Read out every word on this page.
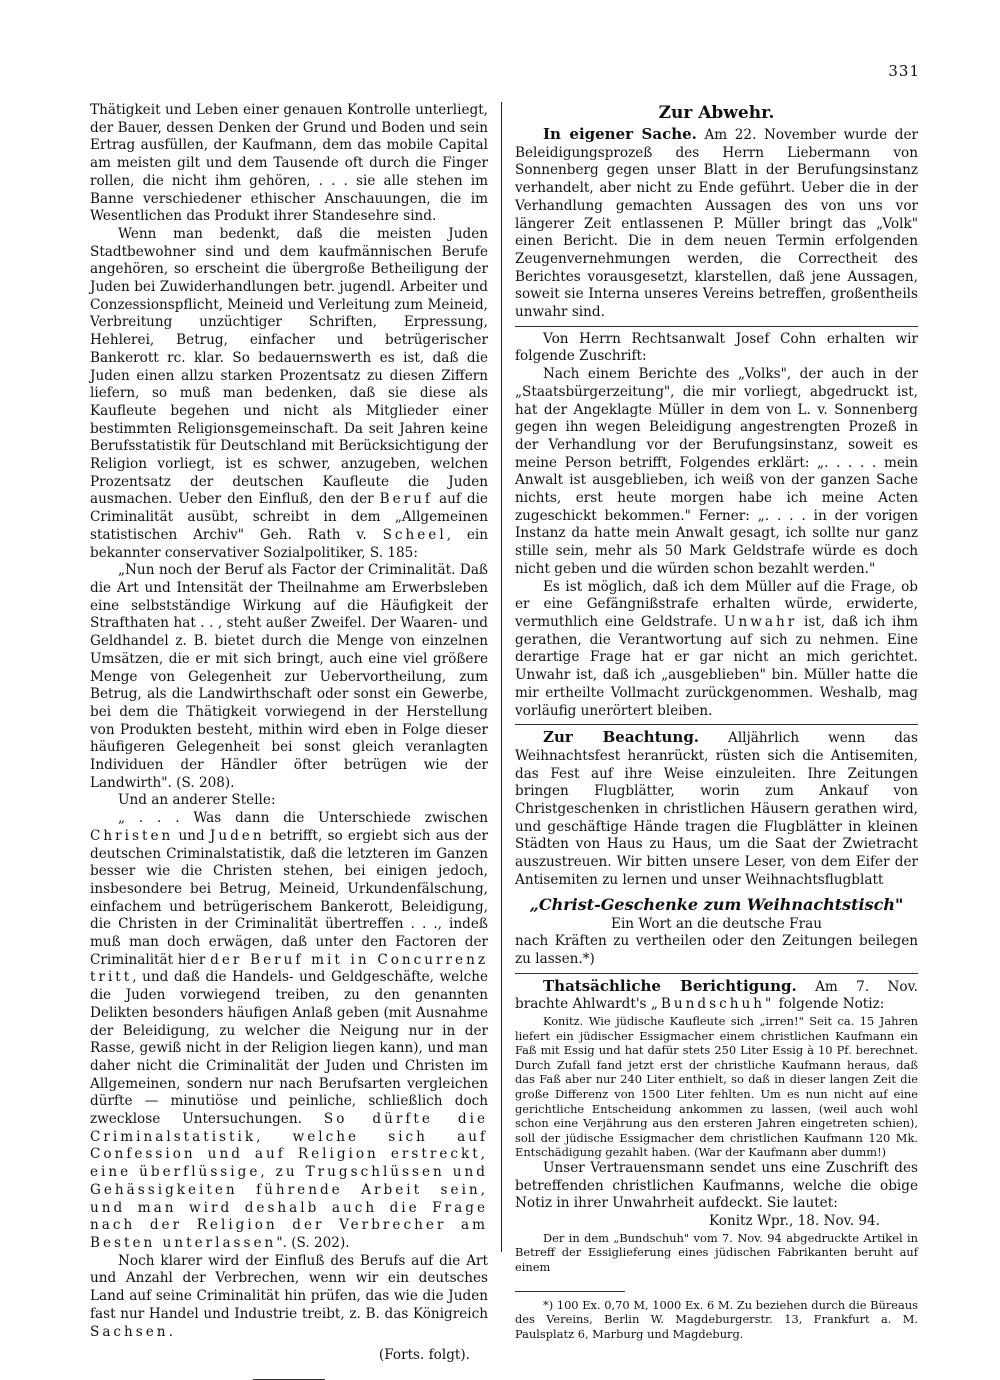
331

Thätigkeit und Leben einer genauen Kontrolle unterliegt, der Bauer, dessen Denken der Grund und Boden und sein Ertrag ausfüllen, der Kaufmann, dem das mobile Capital am meisten gilt und dem Tausende oft durch die Finger rollen, die nicht ihm gehören, . . . sie alle stehen im Banne verschiedener ethischer Anschauungen, die im Wesentlichen das Produkt ihrer Standesehre sind.

Wenn man bedenkt, daß die meisten Juden Stadtbewohner sind und dem kaufmännischen Berufe angehören, so erscheint die übergroße Betheiligung der Juden bei Zuwiderhandlungen betr. jugendl. Arbeiter und Conzessionspflicht, Meineid und Verleitung zum Meineid, Verbreitung unzüchtiger Schriften, Erpressung, Hehlerei, Betrug, einfacher und betrügerischer Bankerott rc. klar. So bedauernswerth es ist, daß die Juden einen allzu starken Prozentsatz zu diesen Ziffern liefern, so muß man bedenken, daß sie diese als Kaufleute begehen und nicht als Mitglieder einer bestimmten Religionsgemeinschaft. Da seit Jahren keine Berufsstatistik für Deutschland mit Berücksichtigung der Religion vorliegt, ist es schwer, anzugeben, welchen Prozentsatz der deutschen Kaufleute die Juden ausmachen. Ueber den Einfluß, den der Beruf auf die Criminalität ausübt, schreibt in dem „Allgemeinen statistischen Archiv" Geh. Rath v. Scheel, ein bekannter conservativer Sozialpolitiker, S. 185:

„Nun noch der Beruf als Factor der Criminalität. Daß die Art und Intensität der Theilnahme am Erwerbsleben eine selbstständige Wirkung auf die Häufigkeit der Strafthaten hat . . , steht außer Zweifel. Der Waaren- und Geldhandel z. B. bietet durch die Menge von einzelnen Umsätzen, die er mit sich bringt, auch eine viel größere Menge von Gelegenheit zur Uebervortheilung, zum Betrug, als die Landwirthschaft oder sonst ein Gewerbe, bei dem die Thätigkeit vorwiegend in der Herstellung von Produkten besteht, mithin wird eben in Folge dieser häufigeren Gelegenheit bei sonst gleich veranlagten Individuen der Händler öfter betrügen wie der Landwirth". (S. 208).

Und an anderer Stelle:

„ . . . Was dann die Unterschiede zwischen Christen und Juden betrifft, so ergiebt sich aus der deutschen Criminalstatistik, daß die letzteren im Ganzen besser wie die Christen stehen, bei einigen jedoch, insbesondere bei Betrug, Meineid, Urkundenfälschung, einfachem und betrügerischem Bankerott, Beleidigung, die Christen in der Criminalität übertreffen . . ., indeß muß man doch erwägen, daß unter den Factoren der Criminalität hier der Beruf mit in Concurrenz tritt, und daß die Handels- und Geldgeschäfte, welche die Juden vorwiegend treiben, zu den genannten Delikten besonders häufigen Anlaß geben (mit Ausnahme der Beleidigung, zu welcher die Neigung nur in der Rasse, gewiß nicht in der Religion liegen kann), und man daher nicht die Criminalität der Juden und Christen im Allgemeinen, sondern nur nach Berufsarten vergleichen dürfte — minutiöse und peinliche, schließlich doch zwecklose Untersuchungen. So dürfte die Criminalstatistik, welche sich auf Confession und auf Religion erstreckt, eine überflüssige, zu Trugschlüssen und Gehässigkeiten führende Arbeit sein, und man wird deshalb auch die Frage nach der Religion der Verbrecher am Besten unterlassen". (S. 202).

Noch klarer wird der Einfluß des Berufs auf die Art und Anzahl der Verbrechen, wenn wir ein deutsches Land auf seine Criminalität hin prüfen, das wie die Juden fast nur Handel und Industrie treibt, z. B. das Königreich Sachsen.

(Forts. folgt).
Zur Abwehr.

In eigener Sache. Am 22. November wurde der Beleidigungsprozeß des Herrn Liebermann von Sonnenberg gegen unser Blatt in der Berufungsinstanz verhandelt, aber nicht zu Ende geführt. Ueber die in der Verhandlung gemachten Aussagen des von uns vor längerer Zeit entlassenen P. Müller bringt das „Volk" einen Bericht. Die in dem neuen Termin erfolgenden Zeugenvernehmungen werden, die Correctheit des Berichtes vorausgesetzt, klarstellen, daß jene Aussagen, soweit sie Interna unseres Vereins betreffen, großentheils unwahr sind.

Von Herrn Rechtsanwalt Josef Cohn erhalten wir folgende Zuschrift:

Nach einem Berichte des „Volks", der auch in der „Staatsbürgerzeitung", die mir vorliegt, abgedruckt ist, hat der Angeklagte Müller in dem von L. v. Sonnenberg gegen ihn wegen Beleidigung angestrengten Prozeß in der Verhandlung vor der Berufungsinstanz, soweit es meine Person betrifft, Folgendes erklärt: „. . . . . mein Anwalt ist ausgeblieben, ich weiß von der ganzen Sache nichts, erst heute morgen habe ich meine Acten zugeschickt bekommen." Ferner: „. . . . in der vorigen Instanz da hatte mein Anwalt gesagt, ich sollte nur ganz stille sein, mehr als 50 Mark Geldstrafe würde es doch nicht geben und die würden schon bezahlt werden."

Es ist möglich, daß ich dem Müller auf die Frage, ob er eine Gefängnißstrafe erhalten würde, erwiderte, vermuthlich eine Geldstrafe. Unwahr ist, daß ich ihm gerathen, die Verantwortung auf sich zu nehmen. Eine derartige Frage hat er gar nicht an mich gerichtet. Unwahr ist, daß ich „ausgeblieben" bin. Müller hatte die mir ertheilte Vollmacht zurückgenommen. Weshalb, mag vorläufig unerörtert bleiben.

Zur Beachtung. Alljährlich wenn das Weihnachtsfest heranrückt, rüsten sich die Antisemiten, das Fest auf ihre Weise einzuleiten. Ihre Zeitungen bringen Flugblätter, worin zum Ankauf von Christgeschenken in christlichen Häusern gerathen wird, und geschäftige Hände tragen die Flugblätter in kleinen Städten von Haus zu Haus, um die Saat der Zwietracht auszustreuen. Wir bitten unsere Leser, von dem Eifer der Antisemiten zu lernen und unser Weihnachtsflugblatt

„Christ-Geschenke zum Weihnachtstisch"
Ein Wort an die deutsche Frau

nach Kräften zu vertheilen oder den Zeitungen beilegen zu lassen.*)

Thatsächliche Berichtigung. Am 7. Nov. brachte Ahlwardt's „Bundschuh" folgende Notiz:

Konitz. Wie jüdische Kaufleute sich „irren!" Seit ca. 15 Jahren liefert ein jüdischer Essigmacher einem christlichen Kaufmann ein Faß mit Essig und hat dafür stets 250 Liter Essig à 10 Pf. berechnet. Durch Zufall fand jetzt erst der christliche Kaufmann heraus, daß das Faß aber nur 240 Liter enthielt, so daß in dieser langen Zeit die große Differenz von 1500 Liter fehlten. Um es nun nicht auf eine gerichtliche Entscheidung ankommen zu lassen, (weil auch wohl schon eine Verjährung aus den ersteren Jahren eingetreten schien), soll der jüdische Essigmacher dem christlichen Kaufmann 120 Mk. Entschädigung gezahlt haben. (War der Kaufmann aber dumm!)

Unser Vertrauensmann sendet uns eine Zuschrift des betreffenden christlichen Kaufmanns, welche die obige Notiz in ihrer Unwahrheit aufdeckt. Sie lautet:

Konitz Wpr., 18. Nov. 94.

Der in dem „Bundschuh" vom 7. Nov. 94 abgedruckte Artikel in Betreff der Essiglieferung eines jüdischen Fabrikanten beruht auf einem

*) 100 Ex. 0,70 M, 1000 Ex. 6 M. Zu beziehen durch die Büreaus des Vereins, Berlin W. Magdeburgerstr. 13, Frankfurt a. M. Paulsplatz 6, Marburg und Magdeburg.
